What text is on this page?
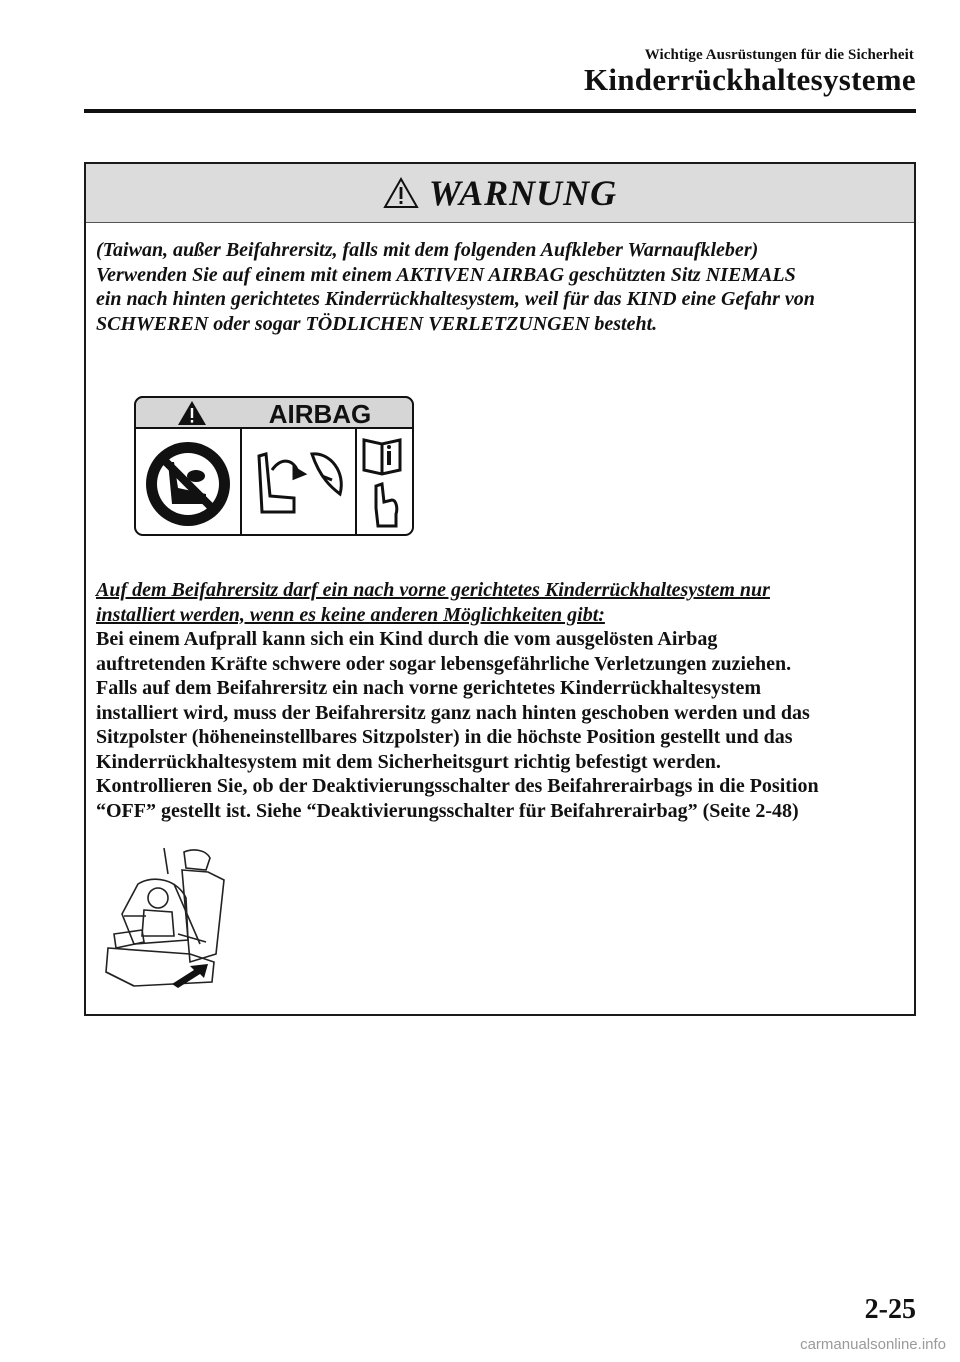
Wichtige Ausrüstungen für die Sicherheit
Kinderrückhaltesysteme
WARNUNG
(Taiwan, außer Beifahrersitz, falls mit dem folgenden Aufkleber Warnaufkleber)
Verwenden Sie auf einem mit einem AKTIVEN AIRBAG geschützten Sitz NIEMALS
ein nach hinten gerichtetes Kinderrückhaltesystem, weil für das KIND eine Gefahr von
SCHWEREN oder sogar TÖDLICHEN VERLETZUNGEN besteht.
AIRBAG
Auf dem Beifahrersitz darf ein nach vorne gerichtetes Kinderrückhaltesystem nur
installiert werden, wenn es keine anderen Möglichkeiten gibt:
Bei einem Aufprall kann sich ein Kind durch die vom ausgelösten Airbag
auftretenden Kräfte schwere oder sogar lebensgefährliche Verletzungen zuziehen.
Falls auf dem Beifahrersitz ein nach vorne gerichtetes Kinderrückhaltesystem
installiert wird, muss der Beifahrersitz ganz nach hinten geschoben werden und das
Sitzpolster (höheneinstellbares Sitzpolster) in die höchste Position gestellt und das
Kinderrückhaltesystem mit dem Sicherheitsgurt richtig befestigt werden.
Kontrollieren Sie, ob der Deaktivierungsschalter des Beifahrerairbags in die Position
“OFF” gestellt ist. Siehe “Deaktivierungsschalter für Beifahrerairbag” (Seite 2-48)
2-25
carmanualsonline.info
